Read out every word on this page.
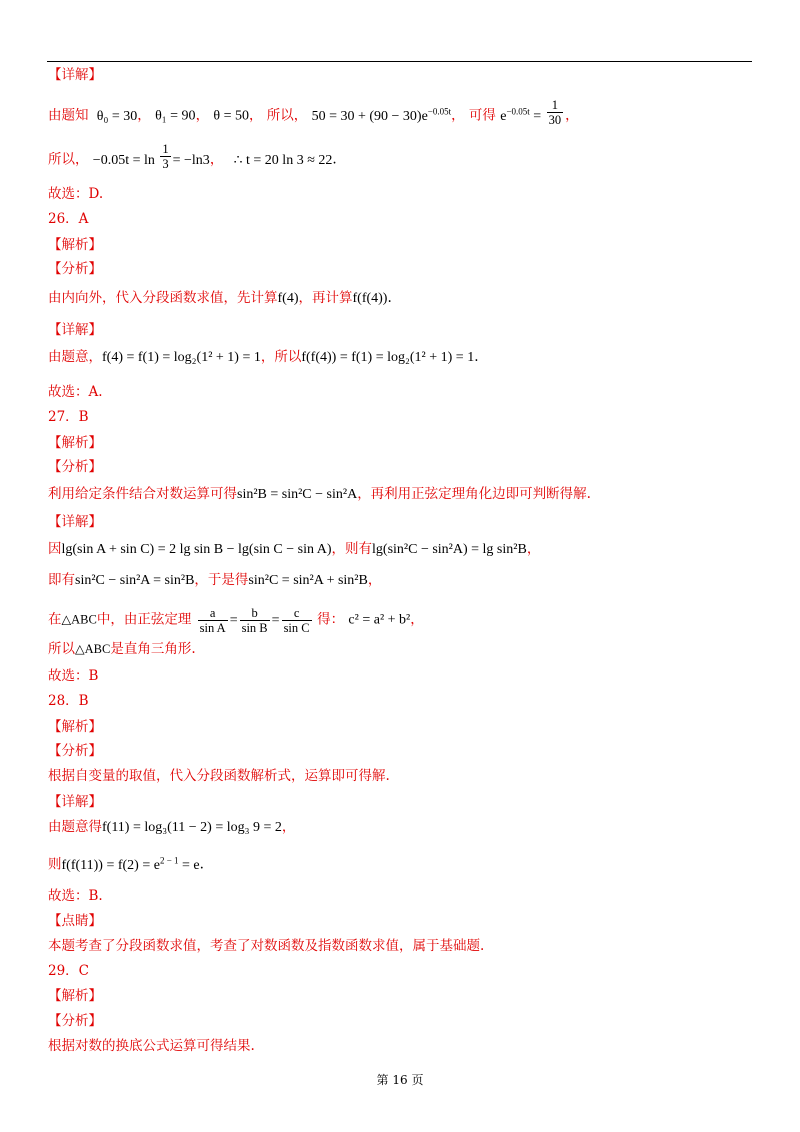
【详解】
由题知 θ₀ = 30， θ₁ = 90， θ = 50， 所以， $50 = 30 + (90 - 30)e^{-0.05t}$， 可得 $e^{-0.05t} = \frac{1}{30}$ ，
所以， $-0.05t = \ln \frac{1}{3} = -\ln 3$， ∴ t = 20 ln 3 ≈ 22.
故选：D.
26．A
【解析】
【分析】
由内向外，代入分段函数求值，先计算f(4)，再计算f(f(4)).
【详解】
由题意，f(4) = f(1) = log₂(1² + 1) = 1，所以f(f(4)) = f(1) = log₂(1² + 1) = 1.
故选：A.
27．B
【解析】
【分析】
利用给定条件结合对数运算可得sin²B = sin²C − sin²A，再利用正弦定理角化边即可判断得解.
【详解】
因lg(sin A + sin C) = 2 lg sin B − lg(sin C − sin A)，则有lg(sin²C − sin²A) = lg sin²B，
即有sin²C − sin²A = sin²B，于是得sin²C = sin²A + sin²B，
在△ABC中，由正弦定理 $\frac{a}{\text{sin A}} = \frac{b}{\text{sin B}} = \frac{c}{\text{sin C}}$ 得： c² = a² + b²，
所以△ABC是直角三角形.
故选：B
28．B
【解析】
【分析】
根据自变量的取值，代入分段函数解析式，运算即可得解.
【详解】
由题意得f(11) = log₃(11 − 2) = log₃ 9 = 2，
则$f(f(11)) = f(2) = e^{2 - 1} = e$.
故选：B.
【点睛】
本题考查了分段函数求值，考查了对数函数及指数函数求值，属于基础题.
29．C
【解析】
【分析】
根据对数的换底公式运算可得结果.
第 16 页
